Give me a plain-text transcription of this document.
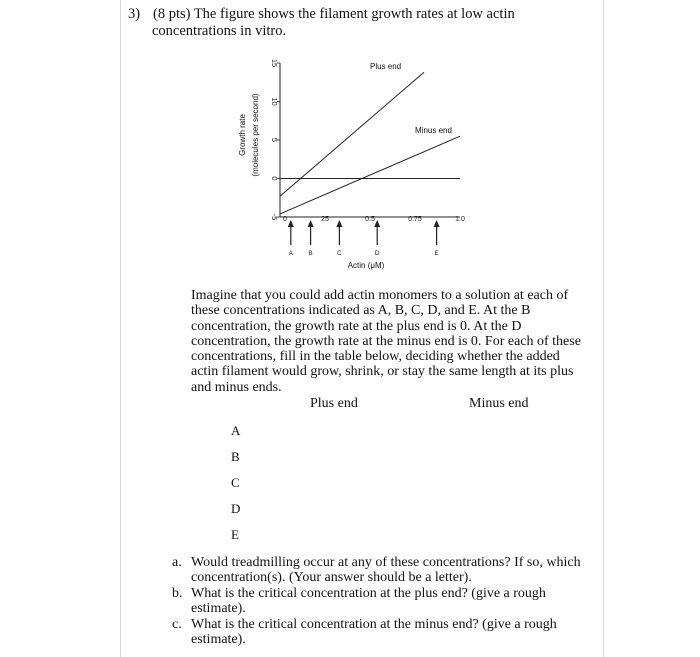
3) (8 pts) The figure shows the filament growth rates at low actin
concentrations in vitro.
15
10
5
0
-5 0	25	0.5	0.75	1.0
Plus end
Minus end
A B	C	D	E
Actin (μM)
Growth rate (molecules per second)
Imagine that you could add actin monomers to a solution at each of
these concentrations indicated as A, B, C, D, and E. At the B
concentration, the growth rate at the plus end is 0. At the D
concentration, the growth rate at the minus end is 0. For each of these
concentrations, fill in the table below, deciding whether the added
actin filament would grow, shrink, or stay the same length at its plus
and minus ends.
Plus end	Minus end
A
B
C
D
E
a. Would treadmilling occur at any of these concentrations? If so, which
concentration(s). (Your answer should be a letter).
b. What is the critical concentration at the plus end? (give a rough
estimate).
c. What is the critical concentration at the minus end? (give a rough
estimate).
